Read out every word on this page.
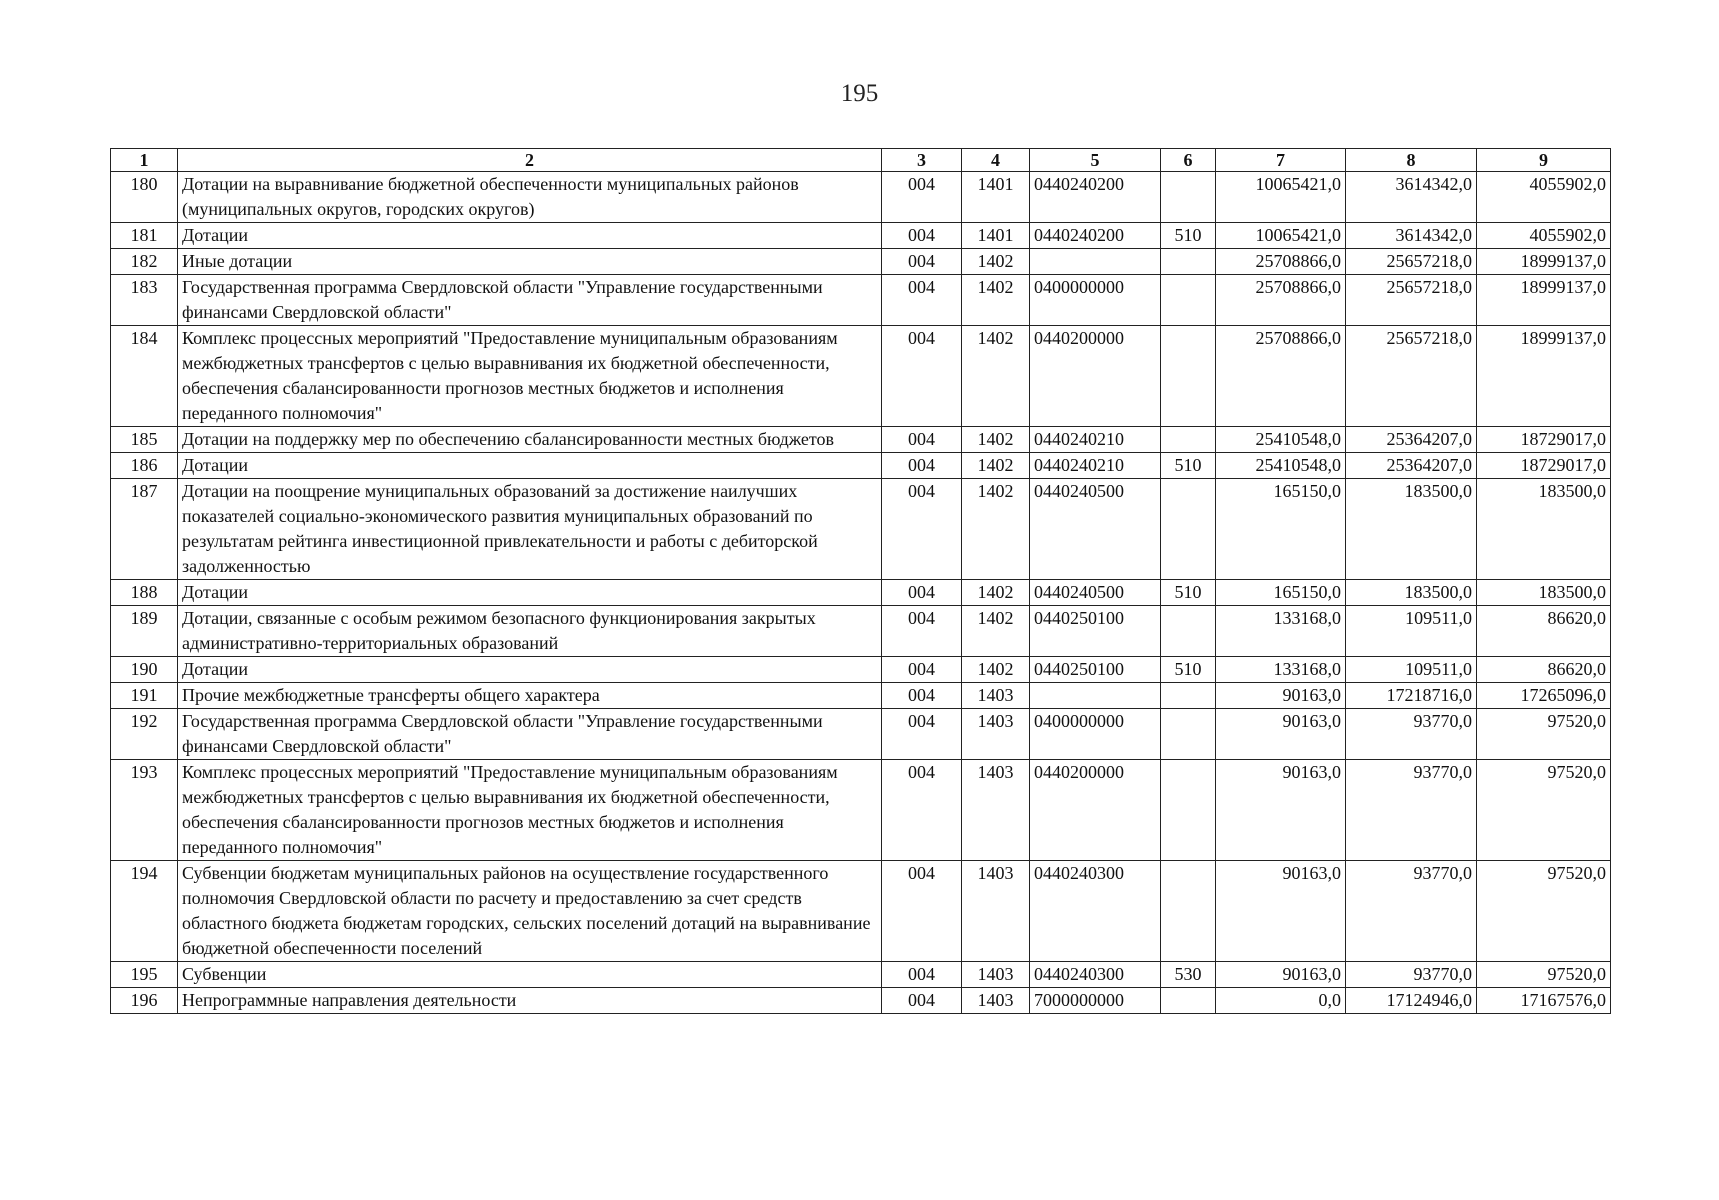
195
1	2	3	4	5	6	7	8	9
180	Дотации на выравнивание бюджетной обеспеченности муниципальных районов (муниципальных округов, городских округов)	004	1401	0440240200		10065421,0	3614342,0	4055902,0
181	Дотации	004	1401	0440240200	510	10065421,0	3614342,0	4055902,0
182	Иные дотации	004	1402			25708866,0	25657218,0	18999137,0
183	Государственная программа Свердловской области "Управление государственными финансами Свердловской области"	004	1402	0400000000		25708866,0	25657218,0	18999137,0
184	Комплекс процессных мероприятий "Предоставление муниципальным образованиям межбюджетных трансфертов с целью выравнивания их бюджетной обеспеченности, обеспечения сбалансированности прогнозов местных бюджетов и исполнения переданного полномочия"	004	1402	0440200000		25708866,0	25657218,0	18999137,0
185	Дотации на поддержку мер по обеспечению сбалансированности местных бюджетов	004	1402	0440240210		25410548,0	25364207,0	18729017,0
186	Дотации	004	1402	0440240210	510	25410548,0	25364207,0	18729017,0
187	Дотации на поощрение муниципальных образований за достижение наилучших показателей социально-экономического развития муниципальных образований по результатам рейтинга инвестиционной привлекательности и работы с дебиторской задолженностью	004	1402	0440240500		165150,0	183500,0	183500,0
188	Дотации	004	1402	0440240500	510	165150,0	183500,0	183500,0
189	Дотации, связанные с особым режимом безопасного функционирования закрытых административно-территориальных образований	004	1402	0440250100		133168,0	109511,0	86620,0
190	Дотации	004	1402	0440250100	510	133168,0	109511,0	86620,0
191	Прочие межбюджетные трансферты общего характера	004	1403			90163,0	17218716,0	17265096,0
192	Государственная программа Свердловской области "Управление государственными финансами Свердловской области"	004	1403	0400000000		90163,0	93770,0	97520,0
193	Комплекс процессных мероприятий "Предоставление муниципальным образованиям межбюджетных трансфертов с целью выравнивания их бюджетной обеспеченности, обеспечения сбалансированности прогнозов местных бюджетов и исполнения переданного полномочия"	004	1403	0440200000		90163,0	93770,0	97520,0
194	Субвенции бюджетам муниципальных районов на осуществление государственного полномочия Свердловской области по расчету и предоставлению за счет средств областного бюджета бюджетам городских, сельских поселений дотаций на выравнивание бюджетной обеспеченности поселений	004	1403	0440240300		90163,0	93770,0	97520,0
195	Субвенции	004	1403	0440240300	530	90163,0	93770,0	97520,0
196	Непрограммные направления деятельности	004	1403	7000000000		0,0	17124946,0	17167576,0
